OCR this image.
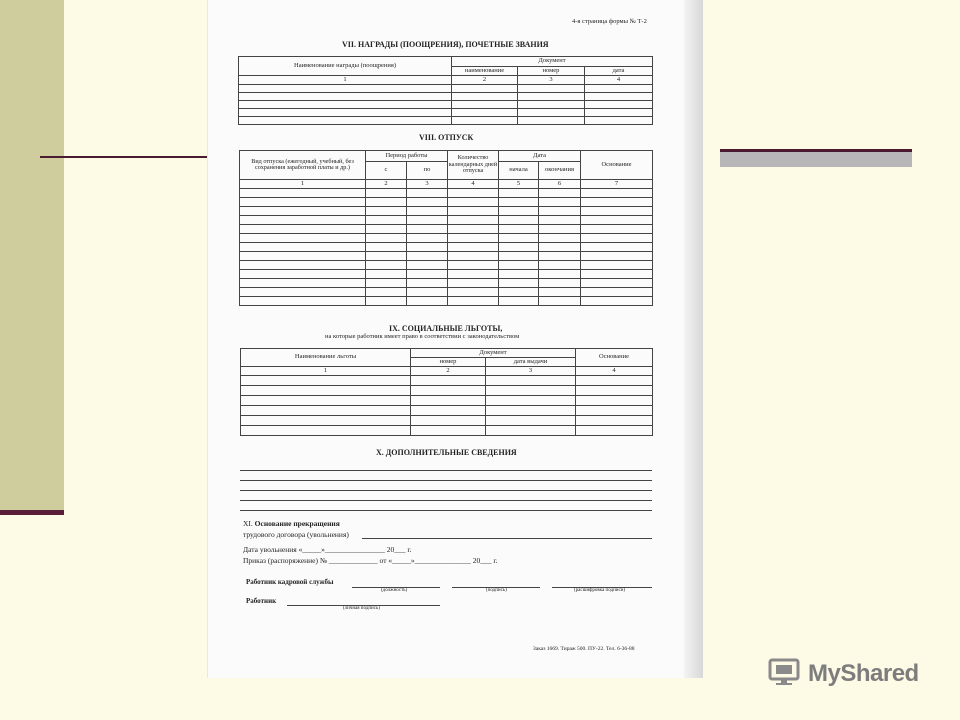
4-я страница формы № Т-2
VII. НАГРАДЫ (ПООЩРЕНИЯ), ПОЧЕТНЫЕ ЗВАНИЯ
Наименование награды (поощрения)	Документ		
	наименование	номер	дата
1	2	3	4

VIII. ОТПУСК
Вид отпуска (ежегодный, учебный, без сохранения заработной платы и др.)	Период работы		Количество календарных дней отпуска	Дата		Основание
	с	по		начала	окончания	
1	2	3	4	5	6	7

IX. СОЦИАЛЬНЫЕ ЛЬГОТЫ,
на которые работник имеет право в соответствии с законодательством
Наименование льготы	Документ		Основание
	номер	дата выдачи	
1	2	3	4

X. ДОПОЛНИТЕЛЬНЫЕ СВЕДЕНИЯ
XI. Основание прекращения
трудового договора (увольнения)
Дата увольнения «_____»________________ 20___ г.
Приказ (распоряжение) № _____________ от «_____»_______________ 20___ г.
Работник кадровой службы
(должность)	(подпись)	(расшифровка подписи)
Работник
(личная подпись)
Заказ 1669. Тираж 500. ПУ-22. Тел. 6-36-88
MyShared
